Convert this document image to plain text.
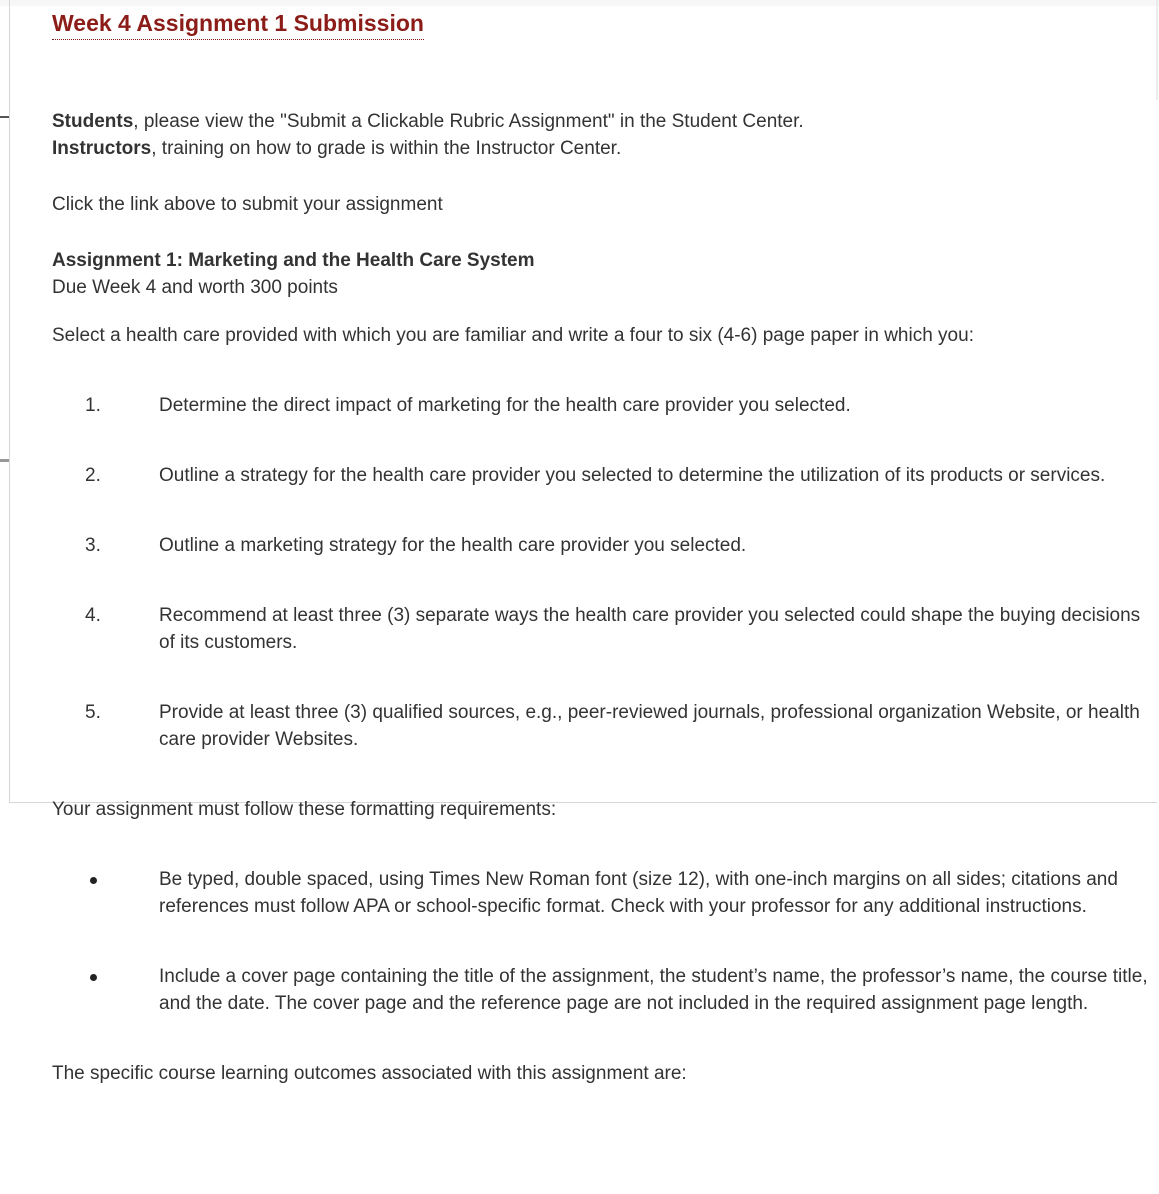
Week 4 Assignment 1 Submission

Students, please view the "Submit a Clickable Rubric Assignment" in the Student Center.

Instructors, training on how to grade is within the Instructor Center.

Click the link above to submit your assignment

Assignment 1: Marketing and the Health Care System

Due Week 4 and worth 300 points

Select a health care provided with which you are familiar and write a four to six (4-6) page paper in which you:

1.	Determine the direct impact of marketing for the health care provider you selected.
2.	Outline a strategy for the health care provider you selected to determine the utilization of its products or services.
3.	Outline a marketing strategy for the health care provider you selected.
4.	Recommend at least three (3) separate ways the health care provider you selected could shape the buying decisions of its customers.
5.	Provide at least three (3) qualified sources, e.g., peer-reviewed journals, professional organization Website, or health care provider Websites.

Your assignment must follow these formatting requirements:

Be typed, double spaced, using Times New Roman font (size 12), with one-inch margins on all sides; citations and references must follow APA or school-specific format. Check with your professor for any additional instructions.
Include a cover page containing the title of the assignment, the student’s name, the professor’s name, the course title, and the date. The cover page and the reference page are not included in the required assignment page length.

The specific course learning outcomes associated with this assignment are:
